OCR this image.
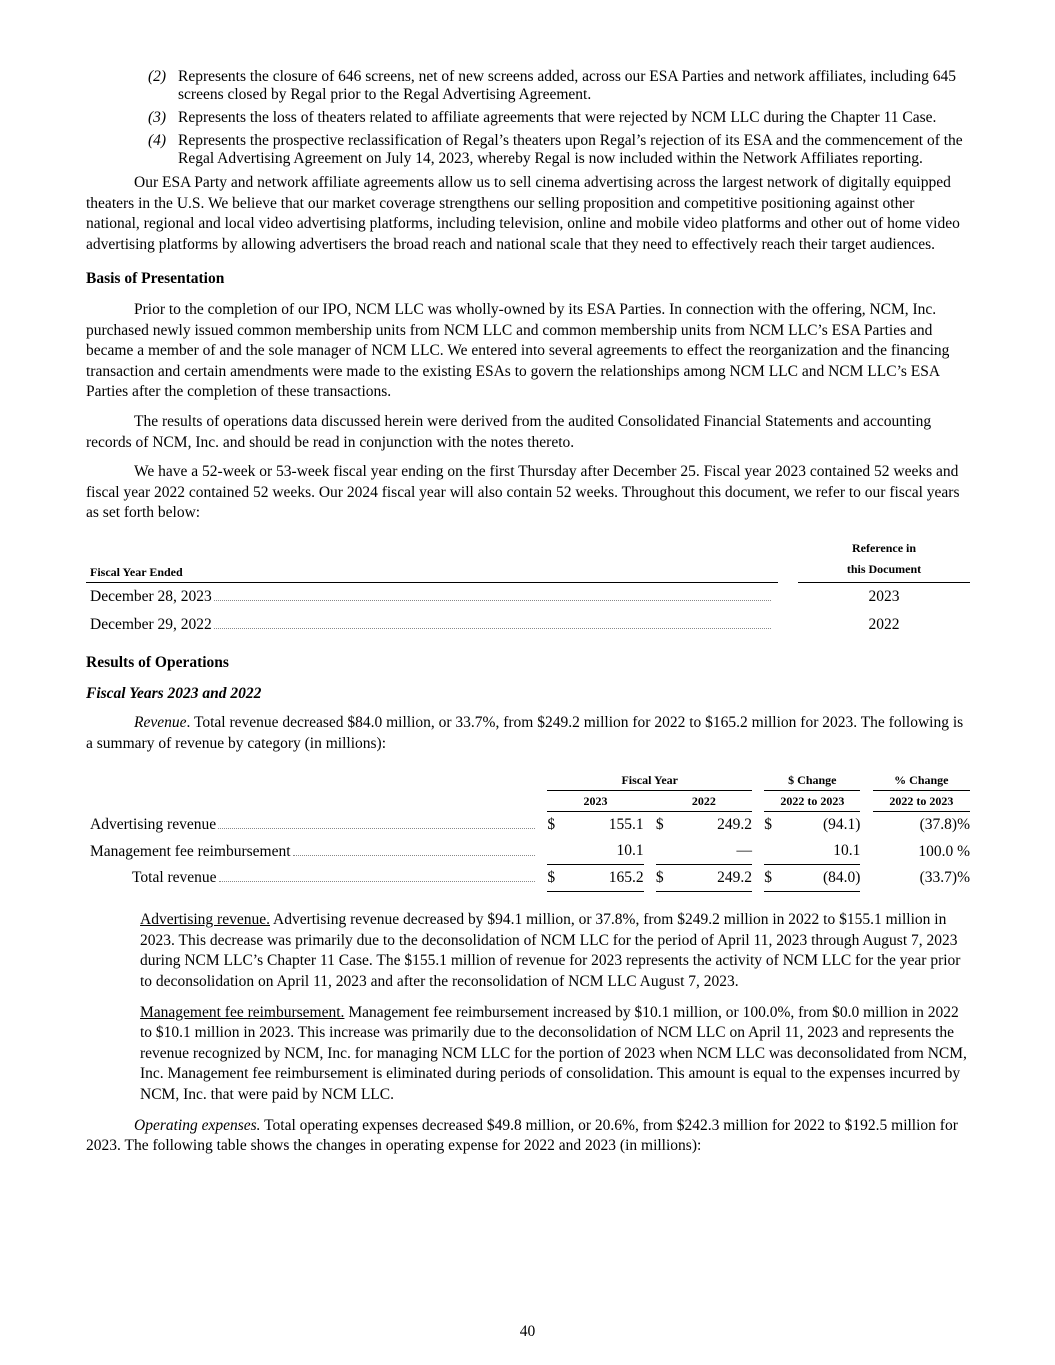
(2) Represents the closure of 646 screens, net of new screens added, across our ESA Parties and network affiliates, including 645 screens closed by Regal prior to the Regal Advertising Agreement.
(3) Represents the loss of theaters related to affiliate agreements that were rejected by NCM LLC during the Chapter 11 Case.
(4) Represents the prospective reclassification of Regal’s theaters upon Regal’s rejection of its ESA and the commencement of the Regal Advertising Agreement on July 14, 2023, whereby Regal is now included within the Network Affiliates reporting.

Our ESA Party and network affiliate agreements allow us to sell cinema advertising across the largest network of digitally equipped theaters in the U.S. We believe that our market coverage strengthens our selling proposition and competitive positioning against other national, regional and local video advertising platforms, including television, online and mobile video platforms and other out of home video advertising platforms by allowing advertisers the broad reach and national scale that they need to effectively reach their target audiences.

Basis of Presentation

Prior to the completion of our IPO, NCM LLC was wholly-owned by its ESA Parties. In connection with the offering, NCM, Inc. purchased newly issued common membership units from NCM LLC and common membership units from NCM LLC’s ESA Parties and became a member of and the sole manager of NCM LLC. We entered into several agreements to effect the reorganization and the financing transaction and certain amendments were made to the existing ESAs to govern the relationships among NCM LLC and NCM LLC’s ESA Parties after the completion of these transactions.

The results of operations data discussed herein were derived from the audited Consolidated Financial Statements and accounting records of NCM, Inc. and should be read in conjunction with the notes thereto.

We have a 52-week or 53-week fiscal year ending on the first Thursday after December 25. Fiscal year 2023 contained 52 weeks and fiscal year 2022 contained 52 weeks. Our 2024 fiscal year will also contain 52 weeks. Throughout this document, we refer to our fiscal years as set forth below:

Fiscal Year Ended		Reference in
this Document

December 28, 2023		2023

December 29, 2022		2022

Results of Operations

Fiscal Years 2023 and 2022

Revenue. Total revenue decreased $84.0 million, or 33.7%, from $249.2 million for 2022 to $165.2 million for 2023. The following is a summary of revenue by category (in millions):

		Fiscal Year						$ Change			% Change
		2023			2022			2022 to 2023			2022 to 2023

Advertising revenue		$	155.1		$	249.2		$	(94.1)		(37.8)%

Management fee reimbursement			10.1			—			10.1		100.0 %

Total revenue		$	165.2		$	249.2		$	(84.0)		(33.7)%

Advertising revenue. Advertising revenue decreased by $94.1 million, or 37.8%, from $249.2 million in 2022 to $155.1 million in 2023. This decrease was primarily due to the deconsolidation of NCM LLC for the period of April 11, 2023 through August 7, 2023 during NCM LLC’s Chapter 11 Case. The $155.1 million of revenue for 2023 represents the activity of NCM LLC for the year prior to deconsolidation on April 11, 2023 and after the reconsolidation of NCM LLC August 7, 2023.

Management fee reimbursement. Management fee reimbursement increased by $10.1 million, or 100.0%, from $0.0 million in 2022 to $10.1 million in 2023. This increase was primarily due to the deconsolidation of NCM LLC on April 11, 2023 and represents the revenue recognized by NCM, Inc. for managing NCM LLC for the portion of 2023 when NCM LLC was deconsolidated from NCM, Inc. Management fee reimbursement is eliminated during periods of consolidation. This amount is equal to the expenses incurred by NCM, Inc. that were paid by NCM LLC.

Operating expenses. Total operating expenses decreased $49.8 million, or 20.6%, from $242.3 million for 2022 to $192.5 million for 2023. The following table shows the changes in operating expense for 2022 and 2023 (in millions):

40
